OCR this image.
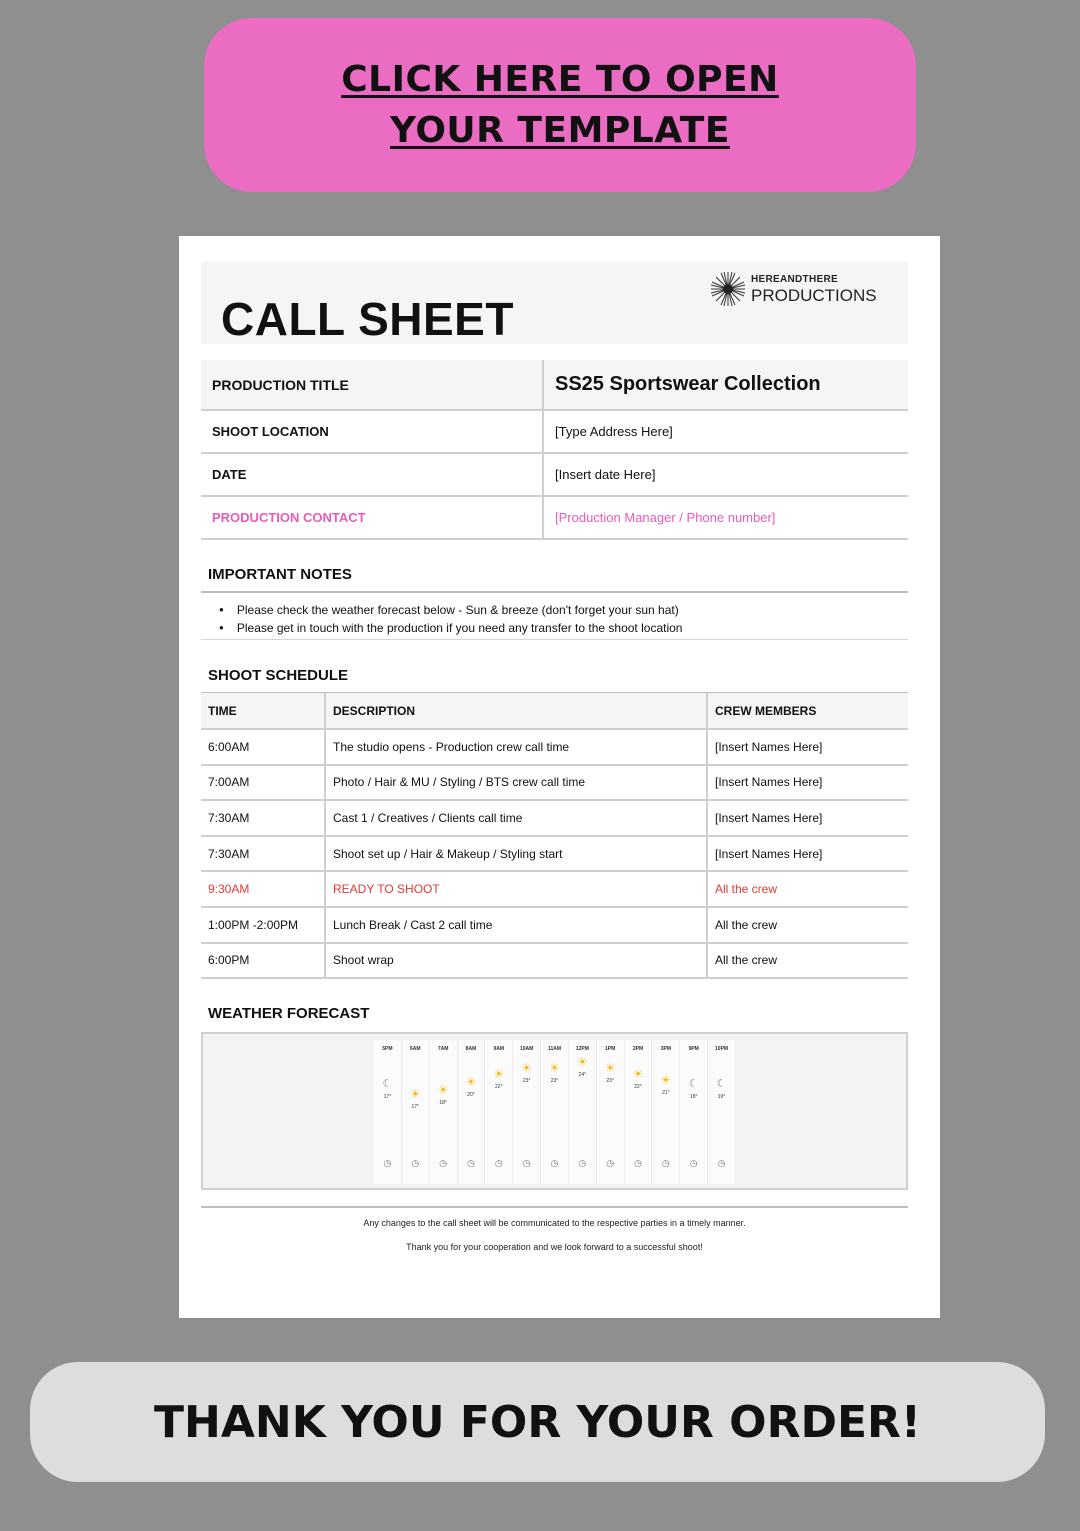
CLICK HERE TO OPEN
YOUR TEMPLATE
CALL SHEET
HEREANDTHERE
PRODUCTIONS
PRODUCTION TITLE	SS25 Sportswear Collection
SHOOT LOCATION	[Type Address Here]
DATE	[Insert date Here]
PRODUCTION CONTACT	[Production Manager / Phone number]
IMPORTANT NOTES
● Please check the weather forecast below - Sun & breeze (don't forget your sun hat)
● Please get in touch with the production if you need any transfer to the shoot location
SHOOT SCHEDULE
TIME	DESCRIPTION	CREW MEMBERS
6:00AM	The studio opens - Production crew call time	[Insert Names Here]
7:00AM	Photo / Hair & MU / Styling / BTS crew call time	[Insert Names Here]
7:30AM	Cast 1 / Creatives / Clients call time	[Insert Names Here]
7:30AM	Shoot set up / Hair & Makeup / Styling start	[Insert Names Here]
9:30AM	READY TO SHOOT	All the crew
1:00PM -2:00PM	Lunch Break / Cast 2 call time	All the crew
6:00PM	Shoot wrap	All the crew
WEATHER FORECAST
5PM
☾
17°
◷
6AM
☀
17°
◷
7AM
☀
18°
◷
8AM
☀
20°
◷
9AM
☀
22°
◷
10AM
☀
23°
◷
11AM
☀
23°
◷
12PM
☀
24°
◷
1PM
☀
23°
◷
2PM
☀
22°
◷
3PM
☀
21°
◷
9PM
☾
18°
◷
10PM
☾
19°
◷
Any changes to the call sheet will be communicated to the respective parties in a timely manner.
Thank you for your cooperation and we look forward to a successful shoot!
THANK YOU FOR YOUR ORDER!
